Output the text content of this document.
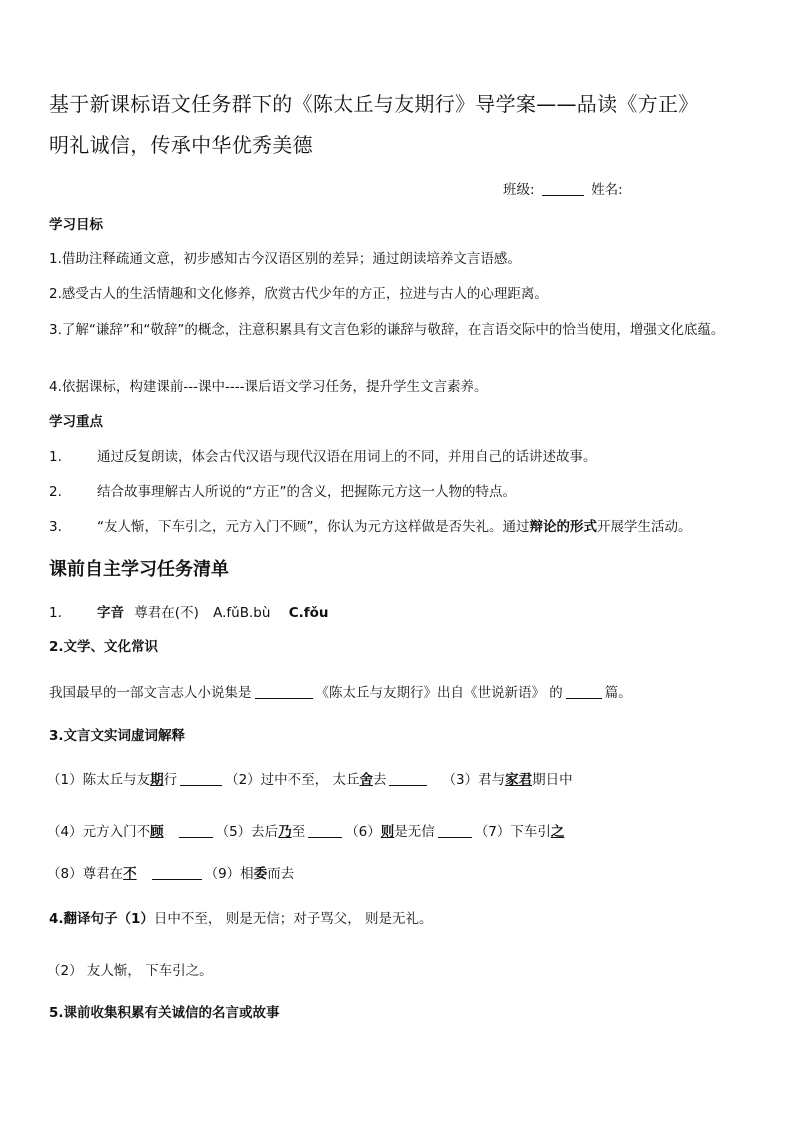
基于新课标语文任务群下的《陈太丘与友期行》导学案——品读《方正》
明礼诚信，传承中华优秀美德
班级:	姓名:
学习目标
1.借助注释疏通文意，初步感知古今汉语区别的差异；通过朗读培养文言语感。
2.感受古人的生活情趣和文化修养，欣赏古代少年的方正，拉进与古人的心理距离。
3.了解“谦辞”和“敬辞”的概念，注意积累具有文言色彩的谦辞与敬辞，在言语交际中的恰当使用，增强文化底蕴。
4.依据课标，构建课前---课中----课后语文学习任务，提升学生文言素养。
学习重点
1.	通过反复朗读，体会古代汉语与现代汉语在用词上的不同，并用自己的话讲述故事。
2.	结合故事理解古人所说的“方正”的含义，把握陈元方这一人物的特点。
3.	“友人惭，下车引之，元方入门不顾”，你认为元方这样做是否失礼。通过辩论的形式开展学生活动。
课前自主学习任务清单
1.	字音 尊君在(不) A.fǔB.bù C.fǒu
2.文学、文化常识
我国最早的一部文言志人小说集是	《陈太丘与友期行》出自《世说新语》 的	篇。
3.文言文实词虚词解释
（1）陈太丘与友期行	（2）过中不至， 太丘舍去	（3）君与家君期日中
（4）元方入门不顾	（5）去后乃至	（6）则是无信	（7）下车引之
（8）尊君在不	（9）相委而去
4.翻译句子（1）日中不至， 则是无信；对子骂父， 则是无礼。
（2） 友人惭， 下车引之。
5.课前收集积累有关诚信的名言或故事
